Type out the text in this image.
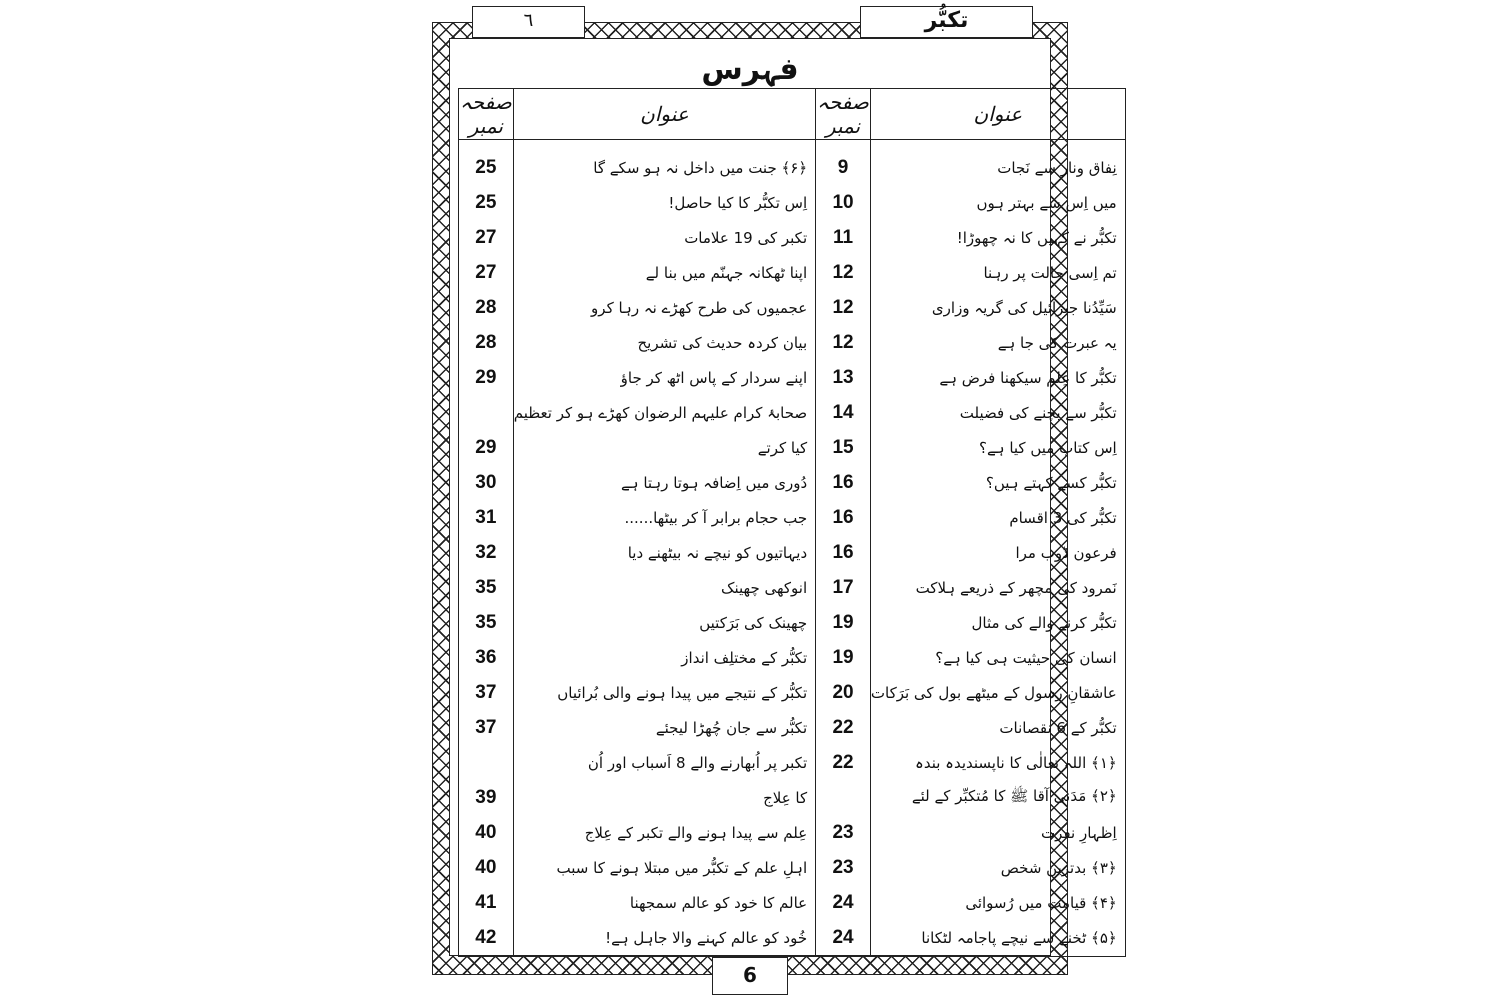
٦	تکبُّر
فہرس
عنوان	صفحہ نمبر	عنوان	صفحہ نمبر
نِفاق ونار سے نَجات	9	﴿۶﴾ جنت میں داخل نہ ہو سکے گا	25
میں اِس سے بہتر ہوں	10	اِس تکبُّر کا کیا حاصل!	25
تکبُّر نے کہیں کا نہ چھوڑا!	11	تکبر کی 19 علامات	27
تم اِسی حالت پر رہنا	12	اپنا ٹھکانہ جہنّم میں بنا لے	27
سَیِّدُنا جبرائیل کی گریہ وزاری	12	عجمیوں کی طرح کھڑے نہ رہا کرو	28
یہ عبرت کی جا ہے	12	بیان کردہ حدیث کی تشریح	28
تکبُّر کا عِلم سیکھنا فرض ہے	13	اپنے سردار کے پاس اٹھ کر جاؤ	29
تکبُّر سے بچنے کی فضیلت	14	صحابۂ کرام علیہم الرضوان کھڑے ہو کر تعظیم	
اِس کتاب میں کیا ہے؟	15	کیا کرتے	29
تکبُّر کسے کہتے ہیں؟	16	دُوری میں اِضافہ ہوتا رہتا ہے	30
تکبُّر کی 3 اقسام	16	جب حجام برابر آ کر بیٹھا......	31
فرعون ڈوب مرا	16	دیہاتیوں کو نیچے نہ بیٹھنے دیا	32
نَمرود کی مچھر کے ذریعے ہلاکت	17	انوکھی چھینک	35
تکبُّر کرنے والے کی مثال	19	چھینک کی بَرَکتیں	35
انسان کی حیثیت ہی کیا ہے؟	19	تکبُّر کے مختلِف انداز	36
عاشقانِ رسول کے میٹھے بول کی بَرَکات	20	تکبُّر کے نتیجے میں پیدا ہونے والی بُرائیاں	37
تکبُّر کے 6 نقصانات	22	تکبُّر سے جان چُھڑا لیجئے	37
﴿۱﴾ اللہ تعالٰی کا ناپسندیدہ بندہ	22	تکبر پر اُبھارنے والے 8 اَسباب اور اُن	
﴿۲﴾ مَدَنی آقا ﷺ کا مُتکبِّر کے لئے		کا عِلاج	39
اِظہارِ نفرت	23	عِلم سے پیدا ہونے والے تکبر کے عِلاج	40
﴿۳﴾ بدترین شخص	23	اہلِ علم کے تکبُّر میں مبتلا ہونے کا سبب	40
﴿۴﴾ قیامت میں رُسوائی	24	عالم کا خود کو عالم سمجھنا	41
﴿۵﴾ ٹخنے سے نیچے پاجامہ لٹکانا	24	خُود کو عالم کہنے والا جاہل ہے!	42
6
